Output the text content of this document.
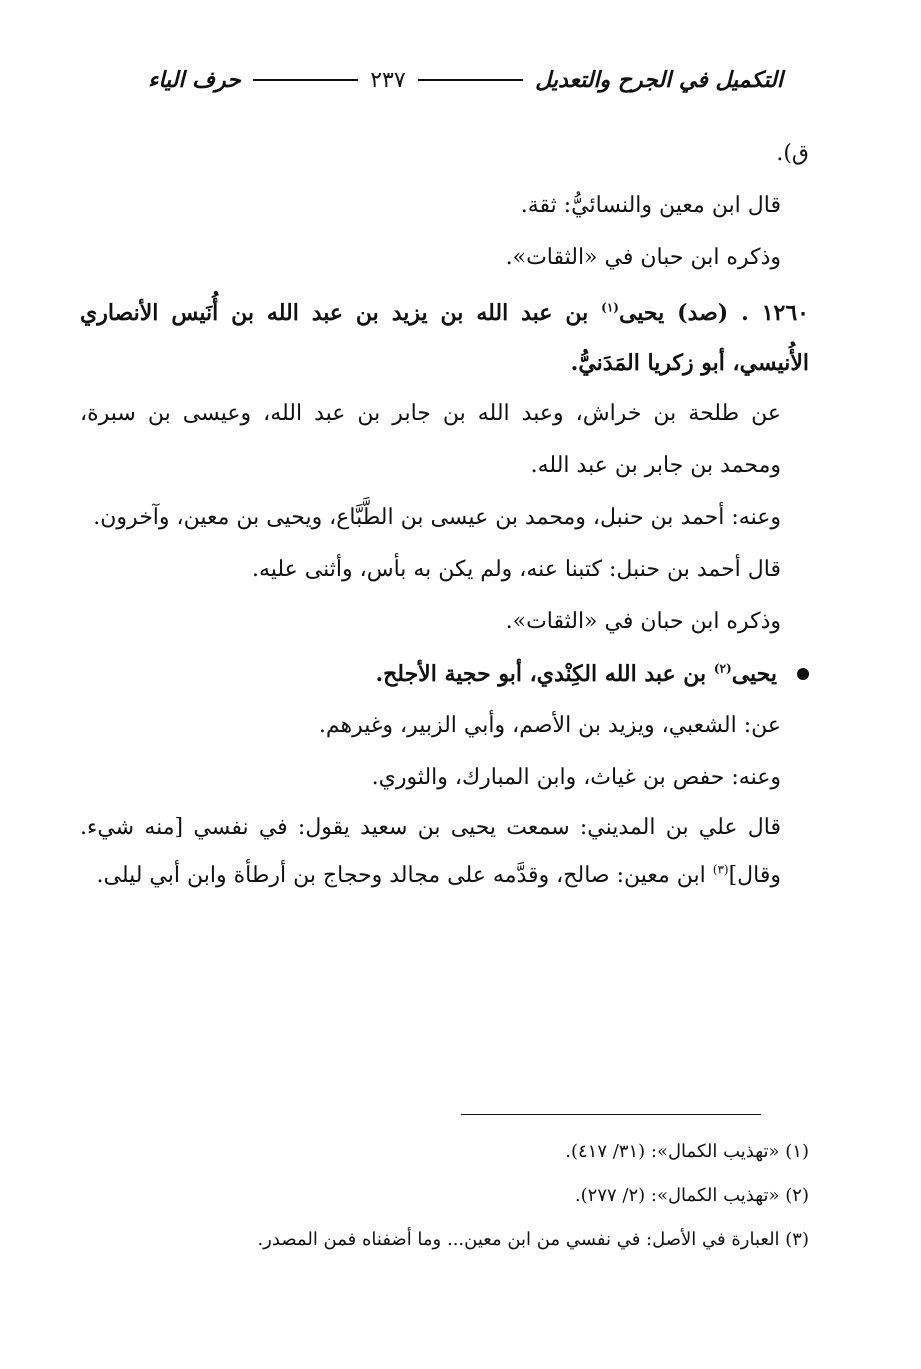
التكميل في الجرح والتعديل
٢٣٧
حرف الياء

ق).

قال ابن معين والنسائيُّ: ثقة.

وذكره ابن حبان في «الثقات».

١٢٦٠ . (صد) يحيى$^{(١)}$ بن عبد الله بن يزيد بن عبد الله بن أُنَيس الأنصاري الأُنيسي، أبو زكريا المَدَنيُّ.

عن طلحة بن خراش، وعبد الله بن جابر بن عبد الله، وعيسى بن سبرة، ومحمد بن جابر بن عبد الله.

وعنه: أحمد بن حنبل، ومحمد بن عيسى بن الطَّبَّاع، ويحيى بن معين، وآخرون.

قال أحمد بن حنبل: كتبنا عنه، ولم يكن به بأس، وأثنى عليه.

وذكره ابن حبان في «الثقات».

يحيى$^{(٢)}$ بن عبد الله الكِنْدي، أبو حجية الأجلح.

عن: الشعبي، ويزيد بن الأصم، وأبي الزبير، وغيرهم.

وعنه: حفص بن غياث، وابن المبارك، والثوري.

قال علي بن المديني: سمعت يحيى بن سعيد يقول: في نفسي [منه شيء. وقال]$^{(٣)}$ ابن معين: صالح، وقدَّمه على مجالد وحجاج بن أرطأة وابن أبي ليلى.

(١) «تهذيب الكمال»: (٣١/ ٤١٧).

(٢) «تهذيب الكمال»: (٢/ ٢٧٧).

(٣) العبارة في الأصل: في نفسي من ابن معين... وما أضفناه فمن المصدر.
